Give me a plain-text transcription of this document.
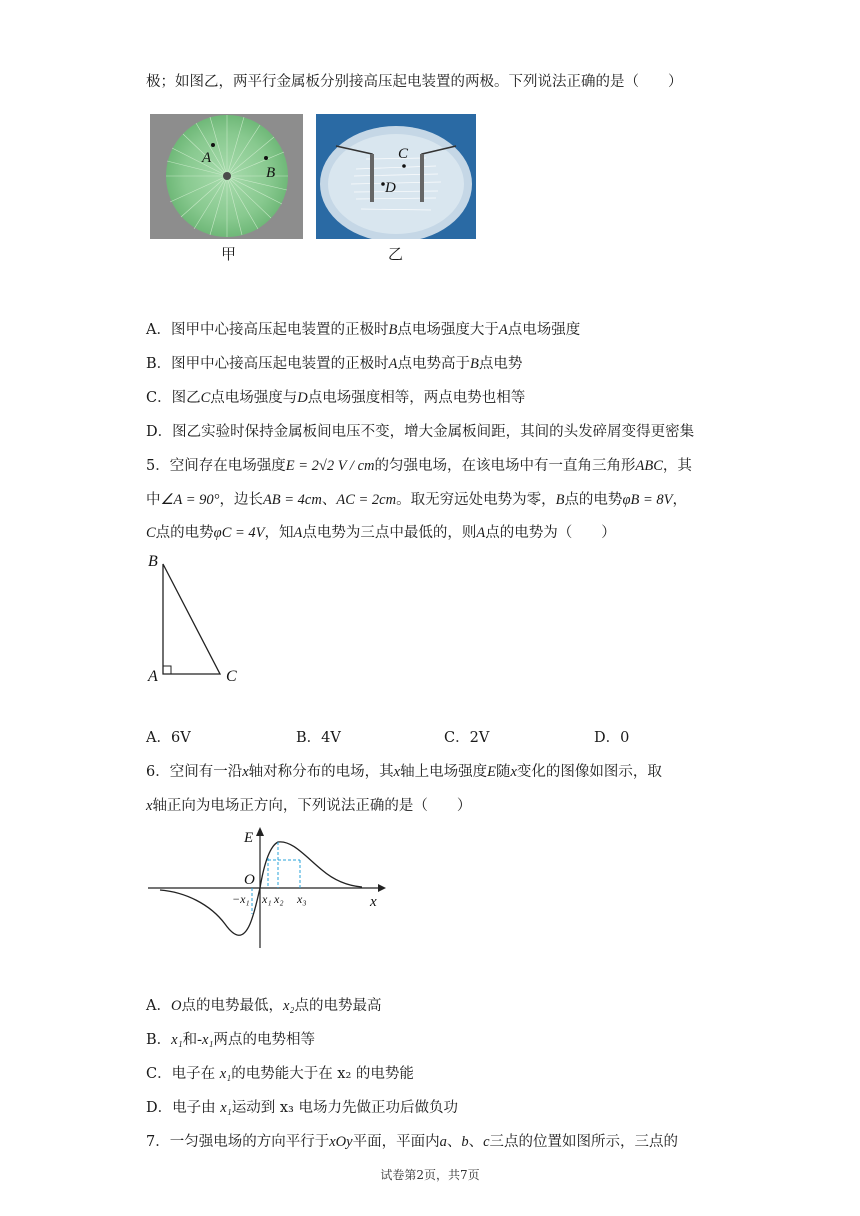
极；如图乙，两平行金属板分别接高压起电装置的两极。下列说法正确的是（　　）
A
B
C
D
甲	乙
A．图甲中心接高压起电装置的正极时B点电场强度大于A点电场强度
B．图甲中心接高压起电装置的正极时A点电势高于B点电势
C．图乙C点电场强度与D点电场强度相等，两点电势也相等
D．图乙实验时保持金属板间电压不变，增大金属板间距，其间的头发碎屑变得更密集
5．空间存在电场强度E = 2√2 V / cm的匀强电场，在该电场中有一直角三角形ABC，其
中∠A = 90°，边长AB = 4cm、AC = 2cm。取无穷远处电势为零，B点的电势φB = 8V，
C点的电势φC = 4V，知A点电势为三点中最低的，则A点的电势为（　　）
B
A	C
A．6V	B．4V	C．2V	D．0
6．空间有一沿x轴对称分布的电场，其x轴上电场强度E随x变化的图像如图示，取
x轴正向为电场正方向，下列说法正确的是（　　）
E
O
x
−x₁ x₁ x₂ x₃
A．O点的电势最低，x₂点的电势最高
B．x₁和-x₁两点的电势相等
C．电子在 x₁的电势能大于在 x₂ 的电势能
D．电子由 x₁运动到 x₃ 电场力先做正功后做负功
7．一匀强电场的方向平行于xOy平面，平面内a、b、c三点的位置如图所示，三点的
试卷第2页，共7页
